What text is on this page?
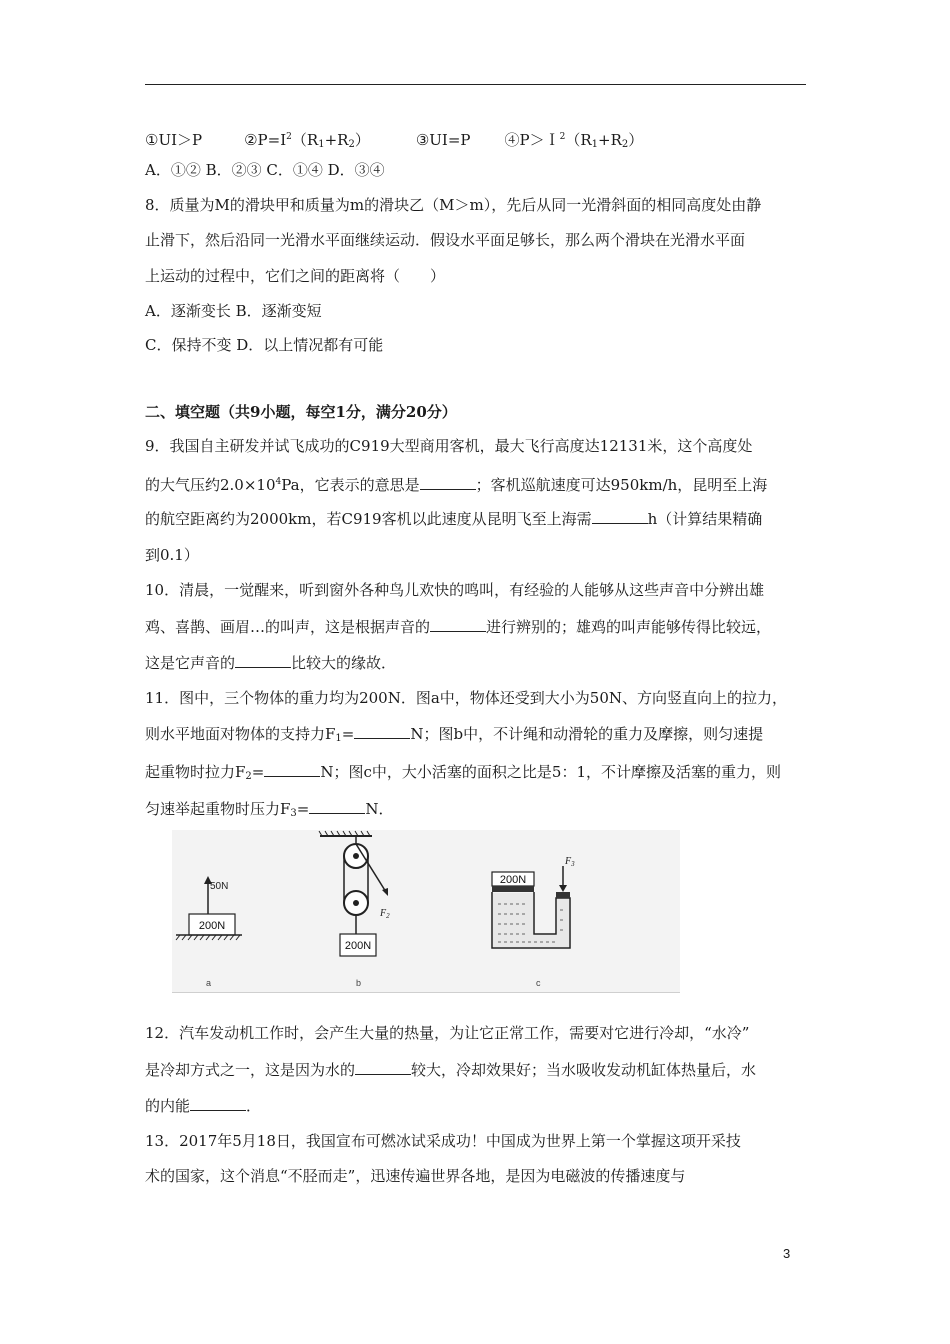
①UI＞P	$②P=I^2(R_1+R_2)$	③UI=P $④P>I^2(R_1+R_2)$
A．①② B．②③ C．①④ D．③④
8．质量为M的滑块甲和质量为m的滑块乙（M＞m），先后从同一光滑斜面的相同高度处由静
止滑下，然后沿同一光滑水平面继续运动．假设水平面足够长，那么两个滑块在光滑水平面
上运动的过程中，它们之间的距离将（　　）
A．逐渐变长 B．逐渐变短
C．保持不变 D．以上情况都有可能
二、填空题（共9小题，每空1分，满分20分）
9．我国自主研发并试飞成功的C919大型商用客机，最大飞行高度达12131米，这个高度处
的大气压约$2.0\times 10^4Pa$，它表示的意思是	；客机巡航速度可达950km/h，昆明至上海
的航空距离约为2000km，若C919客机以此速度从昆明飞至上海需	h（计算结果精确
到0.1）
10．清晨，一觉醒来，听到窗外各种鸟儿欢快的鸣叫，有经验的人能够从这些声音中分辨出雄
鸡、喜鹊、画眉…的叫声，这是根据声音的	进行辨别的；雄鸡的叫声能够传得比较远，
这是它声音的	比较大的缘故．
11．图中，三个物体的重力均为200N．图a中，物体还受到大小为50N、方向竖直向上的拉力，
则水平地面对物体的支持力$F_1=$	N；图b中，不计绳和动滑轮的重力及摩擦，则匀速提
起重物时拉力$F_2=$	N；图c中，大小活塞的面积之比是5：1，不计摩擦及活塞的重力，则
匀速举起重物时压力$F_3=$	N．
50N
200N
a
$F_2$
200N
b
200N
$F_3$
c
12．汽车发动机工作时，会产生大量的热量，为让它正常工作，需要对它进行冷却，“水冷”
是冷却方式之一，这是因为水的	较大，冷却效果好；当水吸收发动机缸体热量后，水
的内能	．
13．2017年5月18日，我国宣布可燃冰试采成功！中国成为世界上第一个掌握这项开采技
术的国家，这个消息“不胫而走”，迅速传遍世界各地，是因为电磁波的传播速度与
3
